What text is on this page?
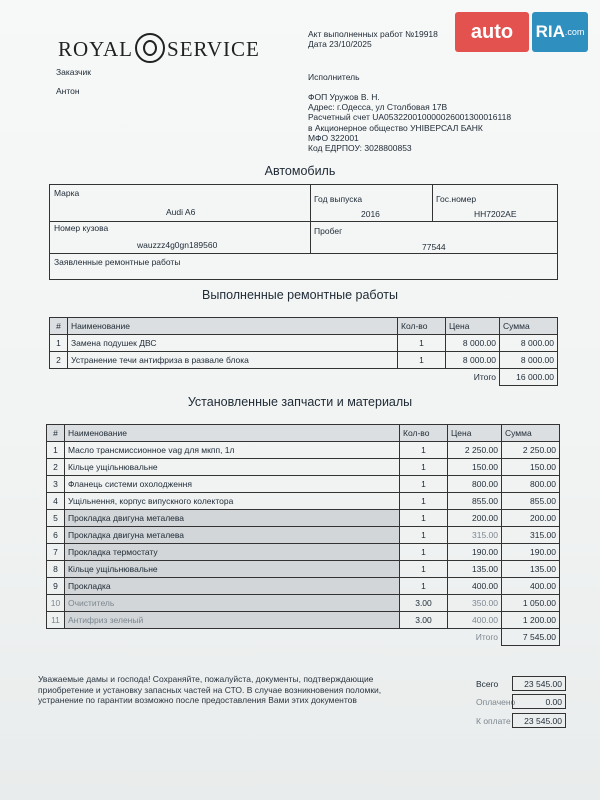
ROYAL SERVICE
auto RIA .com
Акт выполненных работ №19918
Дата 23/10/2025
Заказчик
Антон
Исполнитель
ФОП Уружов В. Н.
Адрес: г.Одесса, ул Столбовая 17В
Расчетный счет UA053220010000026001300016118
в Акционерное общество УНІВЕРСАЛ БАНК
МФО 322001
Код ЕДРПОУ: 3028800853
Автомобиль
Марка
Audi A6
Год выпуска
2016
Гос.номер
НН7202АЕ
Номер кузова
wauzzz4g0gn189560
Пробег
77544
Заявленные ремонтные работы
Выполненные ремонтные работы
#	Наименование	Кол-во	Цена	Сумма
1	Замена подушек ДВС	1	8 000.00	8 000.00
2	Устранение течи антифриза в развале блока	1	8 000.00	8 000.00
			Итого	16 000.00
Установленные запчасти и материалы
#	Наименование	Кол-во	Цена	Сумма
1	Масло трансмиссионное vag для мкпп, 1л	1	2 250.00	2 250.00
2	Кільце ущільнювальне	1	150.00	150.00
3	Фланець системи охолодження	1	800.00	800.00
4	Ущільнення, корпус випускного колектора	1	855.00	855.00
5	Прокладка двигуна металева	1	200.00	200.00
6	Прокладка двигуна металева	1	315.00	315.00
7	Прокладка термостату	1	190.00	190.00
8	Кільце ущільнювальне	1	135.00	135.00
9	Прокладка	1	400.00	400.00
10	Очиститель	3.00	350.00	1 050.00
11	Антифриз зеленый	3.00	400.00	1 200.00
			Итого	7 545.00
Уважаемые дамы и господа! Сохраняйте, пожалуйста, документы, подтверждающие приобретение и установку запасных частей на СТО. В случае возникновения поломки, устранение по гарантии возможно после предоставления Вами этих документов
Всего	23 545.00
Оплачено	0.00
К оплате	23 545.00
